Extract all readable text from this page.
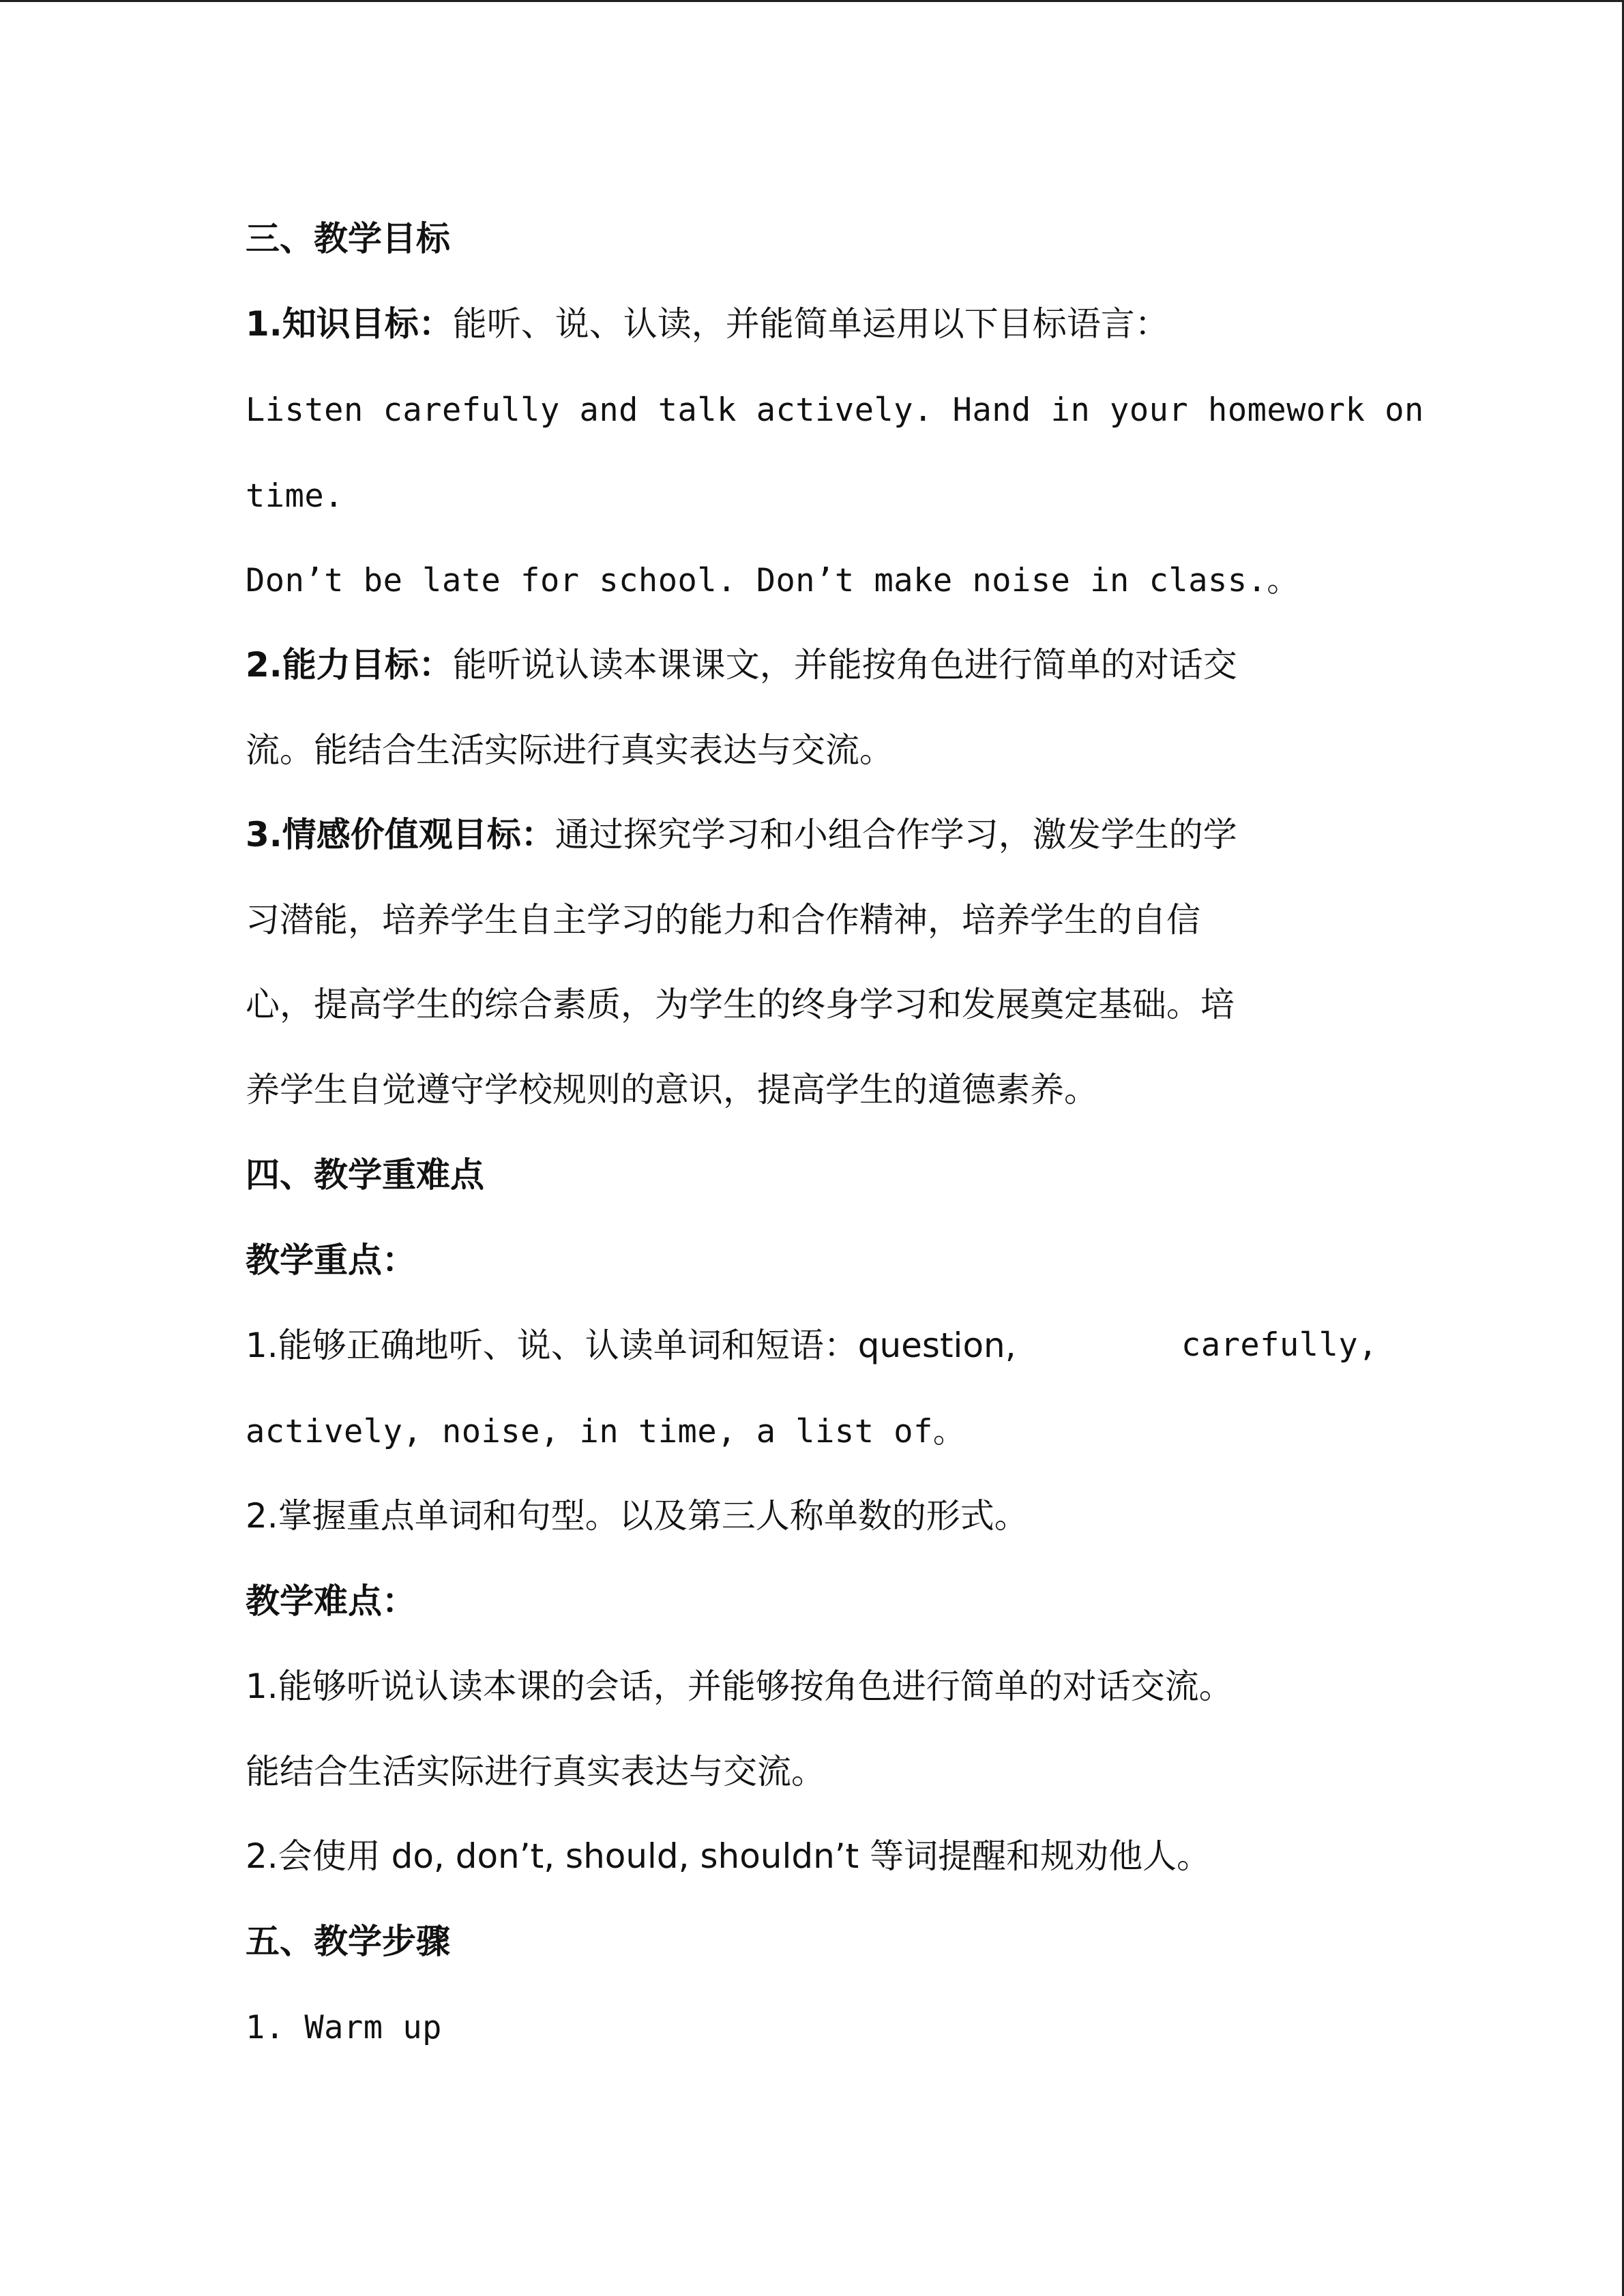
三、教学目标
1.知识目标：能听、说、认读，并能简单运用以下目标语言：
Listen carefully and talk actively. Hand in your homework on
time.
Don’t be late for school. Don’t make noise in class.。
2.能力目标：能听说认读本课课文，并能按角色进行简单的对话交
流。能结合生活实际进行真实表达与交流。
3.情感价值观目标：通过探究学习和小组合作学习，激发学生的学
习潜能，培养学生自主学习的能力和合作精神，培养学生的自信
心，提高学生的综合素质，为学生的终身学习和发展奠定基础。培
养学生自觉遵守学校规则的意识，提高学生的道德素养。
四、教学重难点
教学重点：
1.能够正确地听、说、认读单词和短语：question,	carefully,
actively, noise, in time, a list of。
2.掌握重点单词和句型。以及第三人称单数的形式。
教学难点：
1.能够听说认读本课的会话，并能够按角色进行简单的对话交流。
能结合生活实际进行真实表达与交流。
2.会使用 do, don’t, should, shouldn’t 等词提醒和规劝他人。
五、教学步骤
1. Warm up
